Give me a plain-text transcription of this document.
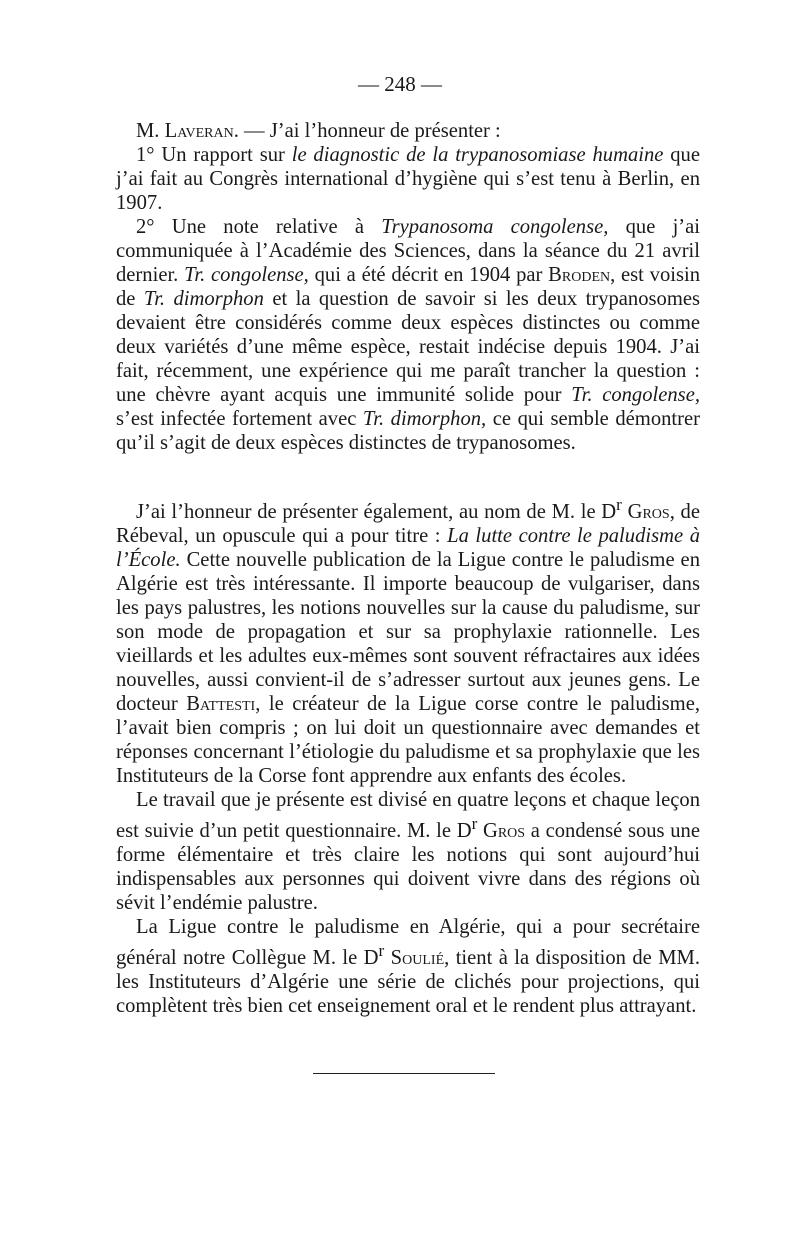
— 248 —

M. Laveran. — J’ai l’honneur de présenter :

1° Un rapport sur le diagnostic de la trypanosomiase humaine que j’ai fait au Congrès international d’hygiène qui s’est tenu à Berlin, en 1907.

2° Une note relative à Trypanosoma congolense, que j’ai communiquée à l’Académie des Sciences, dans la séance du 21 avril dernier. Tr. congolense, qui a été décrit en 1904 par Broden, est voisin de Tr. dimorphon et la question de savoir si les deux trypanosomes devaient être considérés comme deux espèces distinctes ou comme deux variétés d’une même espèce, restait indécise depuis 1904. J’ai fait, récemment, une expérience qui me paraît trancher la question : une chèvre ayant acquis une immunité solide pour Tr. congolense, s’est infectée fortement avec Tr. dimorphon, ce qui semble démontrer qu’il s’agit de deux espèces distinctes de trypanosomes.

J’ai l’honneur de présenter également, au nom de M. le $D^r$ Gros, de Rébeval, un opuscule qui a pour titre : La lutte contre le paludisme à l’École. Cette nouvelle publication de la Ligue contre le paludisme en Algérie est très intéressante. Il importe beaucoup de vulgariser, dans les pays palustres, les notions nouvelles sur la cause du paludisme, sur son mode de propagation et sur sa prophylaxie rationnelle. Les vieillards et les adultes eux-mêmes sont souvent réfractaires aux idées nouvelles, aussi convient-il de s’adresser surtout aux jeunes gens. Le docteur Battesti, le créateur de la Ligue corse contre le paludisme, l’avait bien compris ; on lui doit un questionnaire avec demandes et réponses concernant l’étiologie du paludisme et sa prophylaxie que les Instituteurs de la Corse font apprendre aux enfants des écoles.

Le travail que je présente est divisé en quatre leçons et chaque leçon est suivie d’un petit questionnaire. M. le $D^r$ Gros a condensé sous une forme élémentaire et très claire les notions qui sont aujourd’hui indispensables aux personnes qui doivent vivre dans des régions où sévit l’endémie palustre.

La Ligue contre le paludisme en Algérie, qui a pour secrétaire général notre Collègue M. le $D^r$ Soulié, tient à la disposition de MM. les Instituteurs d’Algérie une série de clichés pour projections, qui complètent très bien cet enseignement oral et le rendent plus attrayant.
